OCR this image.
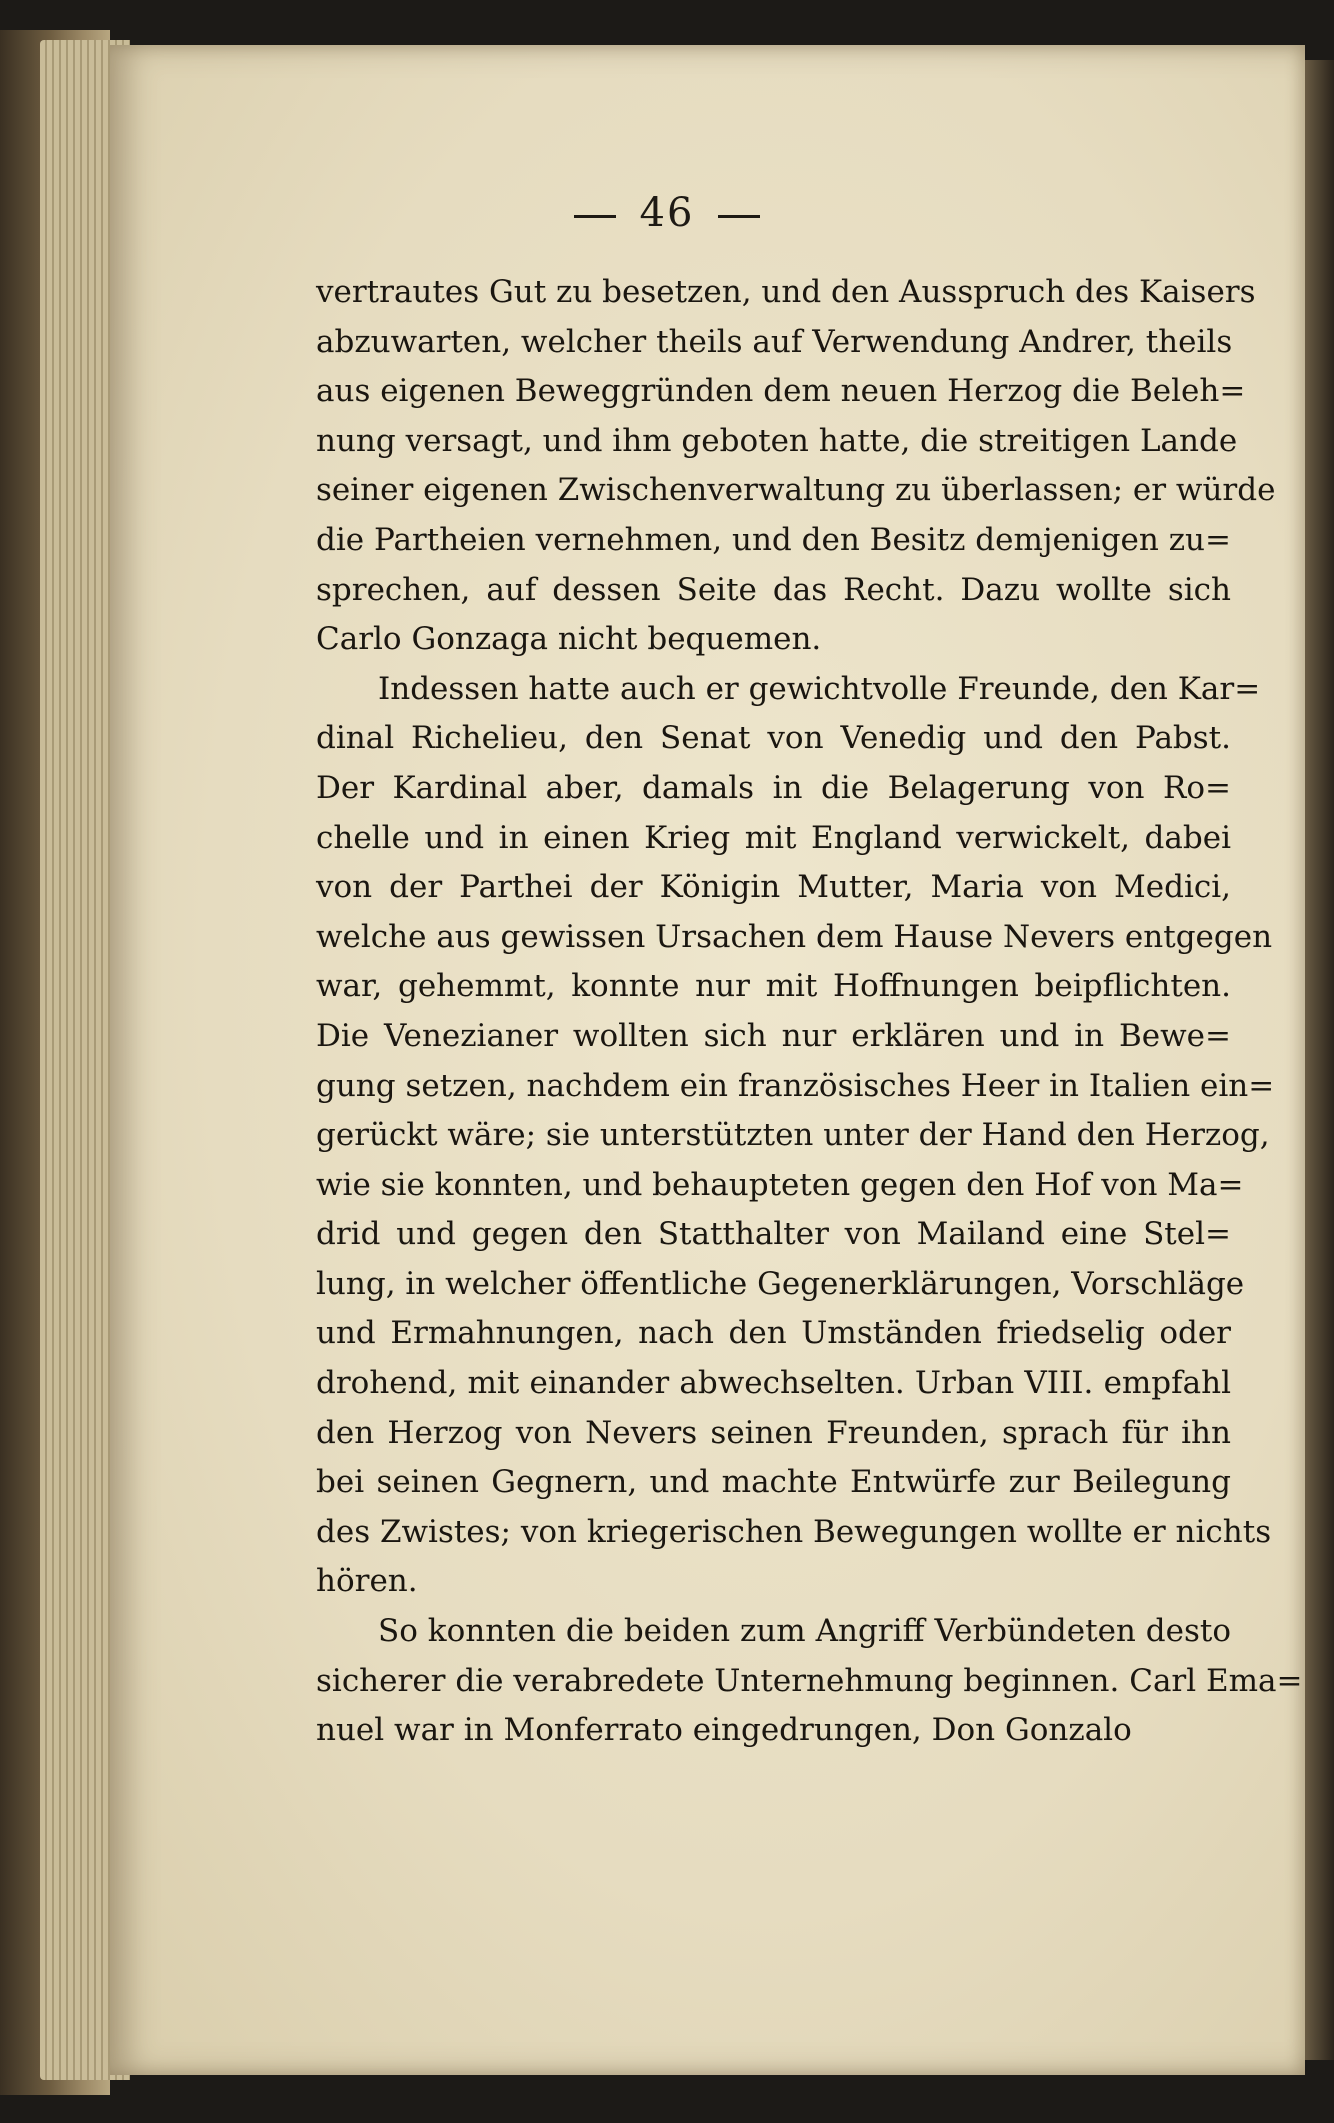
46

vertrautes Gut zu besetzen, und den Ausspruch des Kaisers
abzuwarten, welcher theils auf Verwendung Andrer, theils
aus eigenen Beweggründen dem neuen Herzog die Beleh=
nung versagt, und ihm geboten hatte, die streitigen Lande
seiner eigenen Zwischenverwaltung zu überlassen; er würde
die Partheien vernehmen, und den Besitz demjenigen zu=
sprechen, auf dessen Seite das Recht. Dazu wollte sich
Carlo Gonzaga nicht bequemen.

Indessen hatte auch er gewichtvolle Freunde, den Kar=
dinal Richelieu, den Senat von Venedig und den Pabst.
Der Kardinal aber, damals in die Belagerung von Ro=
chelle und in einen Krieg mit England verwickelt, dabei
von der Parthei der Königin Mutter, Maria von Medici,
welche aus gewissen Ursachen dem Hause Nevers entgegen
war, gehemmt, konnte nur mit Hoffnungen beipflichten.
Die Venezianer wollten sich nur erklären und in Bewe=
gung setzen, nachdem ein französisches Heer in Italien ein=
gerückt wäre; sie unterstützten unter der Hand den Herzog,
wie sie konnten, und behaupteten gegen den Hof von Ma=
drid und gegen den Statthalter von Mailand eine Stel=
lung, in welcher öffentliche Gegenerklärungen, Vorschläge
und Ermahnungen, nach den Umständen friedselig oder
drohend, mit einander abwechselten. Urban VIII. empfahl
den Herzog von Nevers seinen Freunden, sprach für ihn
bei seinen Gegnern, und machte Entwürfe zur Beilegung
des Zwistes; von kriegerischen Bewegungen wollte er nichts
hören.

So konnten die beiden zum Angriff Verbündeten desto
sicherer die verabredete Unternehmung beginnen. Carl Ema=
nuel war in Monferrato eingedrungen, Don Gonzalo
